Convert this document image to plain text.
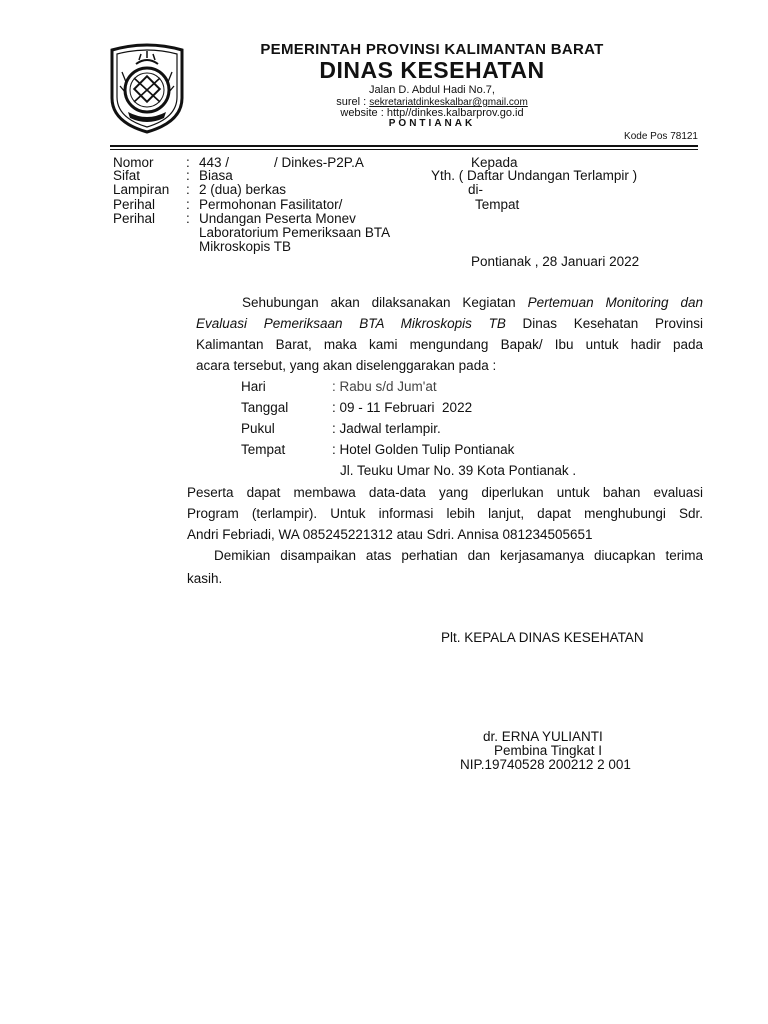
PEMERINTAH PROVINSI KALIMANTAN BARAT
DINAS KESEHATAN
Jalan D. Abdul Hadi No.7,
surel : sekretariatdinkeskalbar@gmail.com
website : http//dinkes.kalbarprov.go.id
PONTIANAK
Kode Pos 78121
Nomor : 443 /            / Dinkes-P2P.A
Sifat	: Biasa
Lampiran : 2 (dua) berkas
Perihal : Permohonan Fasilitator/
Perihal : Undangan Peserta Monev
Laboratorium Pemeriksaan BTA
Mikroskopis TB
Kepada
Yth. ( Daftar Undangan Terlampir )
di-
Tempat
Pontianak , 28 Januari 2022
Sehubungan akan dilaksanakan Kegiatan Pertemuan Monitoring dan
Evaluasi Pemeriksaan BTA Mikroskopis TB Dinas Kesehatan Provinsi
Kalimantan Barat, maka kami mengundang Bapak/ Ibu untuk hadir pada
acara tersebut, yang akan diselenggarakan pada :
Hari	: Rabu s/d Jum'at
Tanggal	: 09 - 11 Februari  2022
Pukul	: Jadwal terlampir.
Tempat	: Hotel Golden Tulip Pontianak
Jl. Teuku Umar No. 39 Kota Pontianak .
Peserta dapat membawa data-data yang diperlukan untuk bahan evaluasi
Program (terlampir). Untuk informasi lebih lanjut, dapat menghubungi Sdr.
Andri Febriadi, WA 085245221312 atau Sdri. Annisa 081234505651
Demikian disampaikan atas perhatian dan kerjasamanya diucapkan terima
kasih.
Plt. KEPALA DINAS KESEHATAN
dr. ERNA YULIANTI
Pembina Tingkat I
NIP.19740528 200212 2 001
